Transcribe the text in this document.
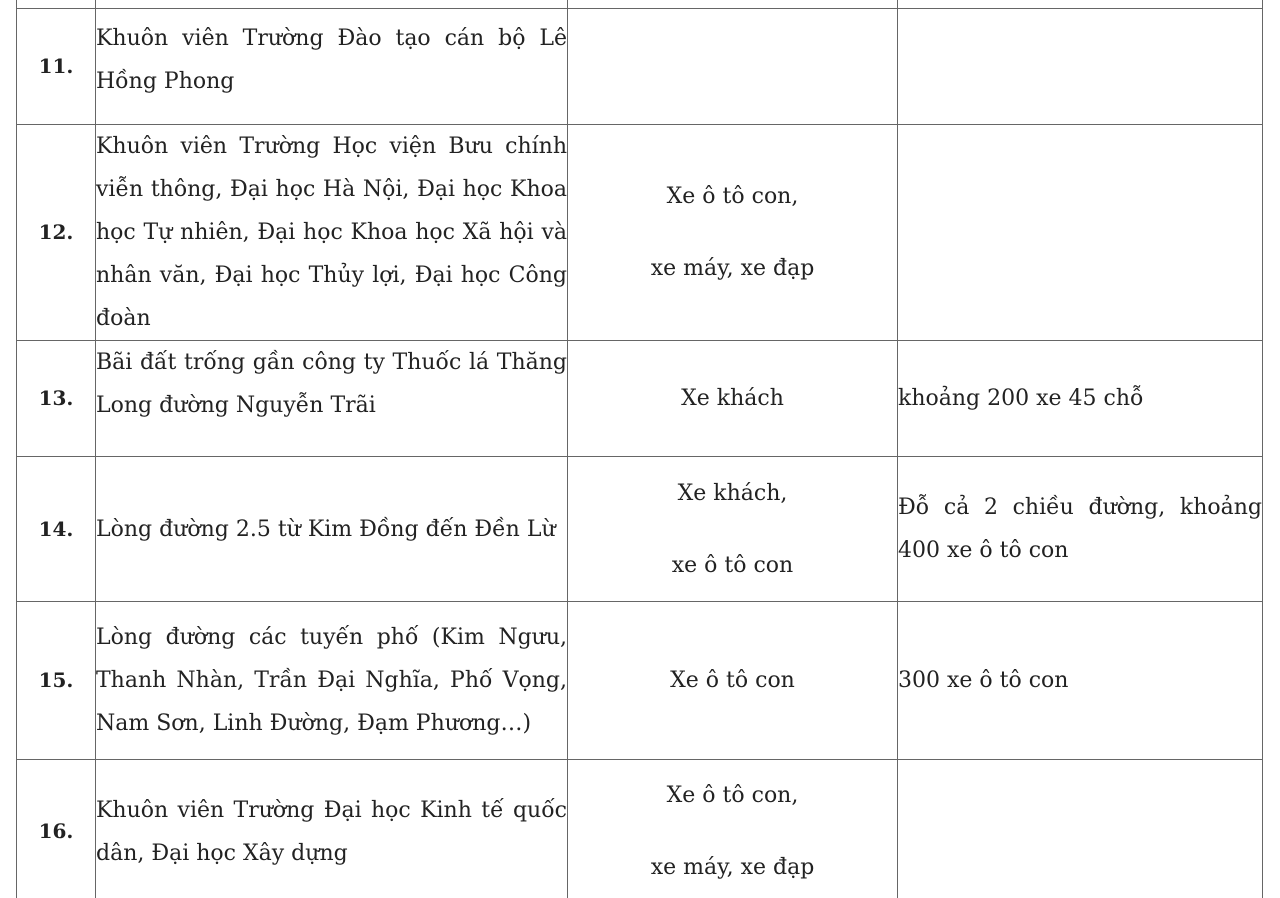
11.	Khuôn viên Trường Đào tạo cán bộ Lê Hồng Phong		

12.	Khuôn viên Trường Học viện Bưu chính viễn thông, Đại học Hà Nội, Đại học Khoa học Tự nhiên, Đại học Khoa học Xã hội và nhân văn, Đại học Thủy lợi, Đại học Công đoàn	Xe ô tô con,
xe máy, xe đạp	

13.	Bãi đất trống gần công ty Thuốc lá Thăng Long đường Nguyễn Trãi	Xe khách	khoảng 200 xe 45 chỗ
14.	Lòng đường 2.5 từ Kim Đồng đến Đền Lừ	Xe khách,
xe ô tô con	Đỗ cả 2 chiều đường, khoảng 400 xe ô tô con
15.	Lòng đường các tuyến phố (Kim Ngưu, Thanh Nhàn, Trần Đại Nghĩa, Phố Vọng, Nam Sơn, Linh Đường, Đạm Phương…)	Xe ô tô con	300 xe ô tô con
16.	Khuôn viên Trường Đại học Kinh tế quốc dân, Đại học Xây dựng	Xe ô tô con,
xe máy, xe đạp	
